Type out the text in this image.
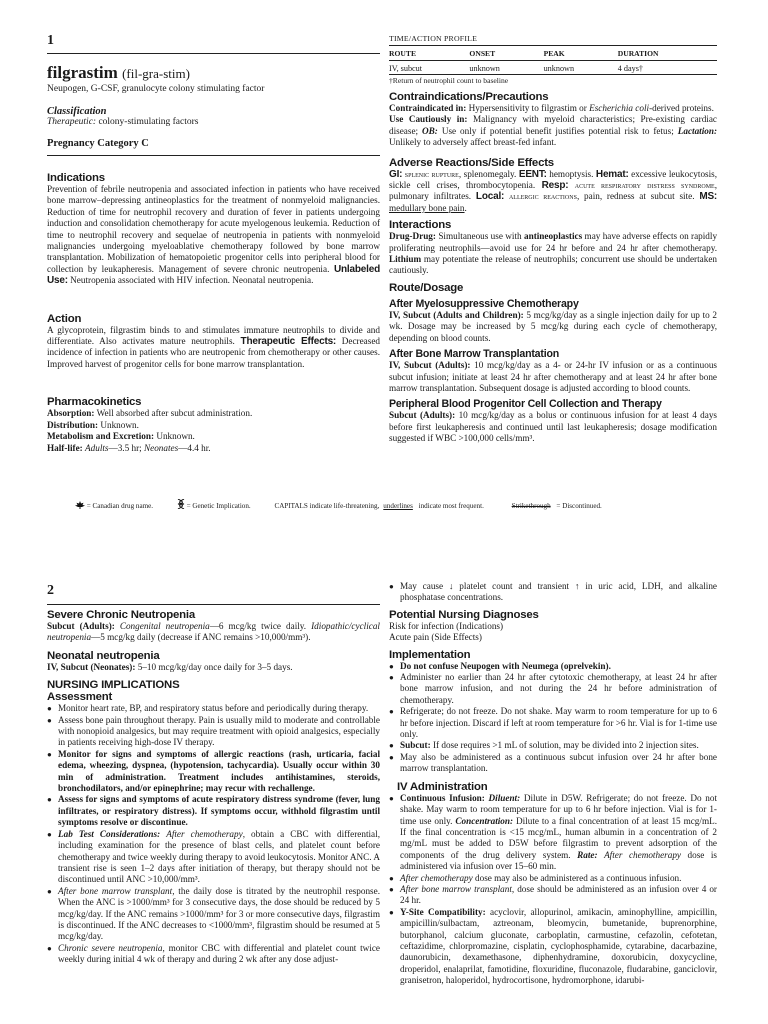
1
filgrastim (fil-gra-stim)
Neupogen, G-CSF, granulocyte colony stimulating factor
Classification
Therapeutic: colony-stimulating factors
Pregnancy Category C
Indications

Prevention of febrile neutropenia and associated infection in patients who have received bone marrow–depressing antineoplastics for the treatment of nonmyeloid malignancies. Reduction of time for neutrophil recovery and duration of fever in patients undergoing induction and consolidation chemotherapy for acute myelogenous leukemia. Reduction of time to neutrophil recovery and sequelae of neutropenia in patients with nonmyeloid malignancies undergoing myeloablative chemotherapy followed by bone marrow transplantation. Mobilization of hematopoietic progenitor cells into peripheral blood for collection by leukapheresis. Management of severe chronic neutropenia. Unlabeled Use: Neutropenia associated with HIV infection. Neonatal neutropenia.

Action

A glycoprotein, filgrastim binds to and stimulates immature neutrophils to divide and differentiate. Also activates mature neutrophils. Therapeutic Effects: Decreased incidence of infection in patients who are neutropenic from chemotherapy or other causes. Improved harvest of progenitor cells for bone marrow transplantation.

Pharmacokinetics

Absorption: Well absorbed after subcut administration.

Distribution: Unknown.

Metabolism and Excretion: Unknown.

Half-life: Adults—3.5 hr; Neonates—4.4 hr.

TIME/ACTION PROFILE
ROUTE	ONSET	PEAK	DURATION
IV, subcut	unknown	unknown	4 days†
†Return of neutrophil count to baseline
Contraindications/Precautions

Contraindicated in: Hypersensitivity to filgrastim or Escherichia coli-derived proteins.

Use Cautiously in: Malignancy with myeloid characteristics; Pre-existing cardiac disease; OB: Use only if potential benefit justifies potential risk to fetus; Lactation: Unlikely to adversely affect breast-fed infant.

Adverse Reactions/Side Effects

GI: splenic rupture, splenomegaly. EENT: hemoptysis. Hemat: excessive leukocytosis, sickle cell crises, thrombocytopenia. Resp: acute respiratory distress syndrome, pulmonary infiltrates. Local: allergic reactions, pain, redness at subcut site. MS: medullary bone pain.

Interactions

Drug-Drug: Simultaneous use with antineoplastics may have adverse effects on rapidly proliferating neutrophils—avoid use for 24 hr before and 24 hr after chemotherapy. Lithium may potentiate the release of neutrophils; concurrent use should be undertaken cautiously.

Route/Dosage
After Myelosuppressive Chemotherapy

IV, Subcut (Adults and Children): 5 mcg/kg/day as a single injection daily for up to 2 wk. Dosage may be increased by 5 mcg/kg during each cycle of chemotherapy, depending on blood counts.

After Bone Marrow Transplantation

IV, Subcut (Adults): 10 mcg/kg/day as a 4- or 24-hr IV infusion or as a continuous subcut infusion; initiate at least 24 hr after chemotherapy and at least 24 hr after bone marrow transplantation. Subsequent dosage is adjusted according to blood counts.

Peripheral Blood Progenitor Cell Collection and Therapy

Subcut (Adults): 10 mcg/kg/day as a bolus or continuous infusion for at least 4 days before first leukapheresis and continued until last leukapheresis; dosage modification suggested if WBC >100,000 cells/mm³.

= Canadian drug name.	= Genetic Implication.	CAPITALS indicate life-threatening, underlines indicate most frequent.	Strikethrough = Discontinued.
2
Severe Chronic Neutropenia

Subcut (Adults): Congenital neutropenia—6 mcg/kg twice daily. Idiopathic/cyclical neutropenia—5 mcg/kg daily (decrease if ANC remains >10,000/mm³).

Neonatal neutropenia

IV, Subcut (Neonates): 5–10 mcg/kg/day once daily for 3–5 days.

NURSING IMPLICATIONS
Assessment

● Monitor heart rate, BP, and respiratory status before and periodically during therapy.

● Assess bone pain throughout therapy. Pain is usually mild to moderate and controllable with nonopioid analgesics, but may require treatment with opioid analgesics, especially in patients receiving high-dose IV therapy.

● Monitor for signs and symptoms of allergic reactions (rash, urticaria, facial edema, wheezing, dyspnea, (hypotension, tachycardia). Usually occur within 30 min of administration. Treatment includes antihistamines, steroids, bronchodilators, and/or epinephrine; may recur with rechallenge.

● Assess for signs and symptoms of acute respiratory distress syndrome (fever, lung infiltrates, or respiratory distress). If symptoms occur, withhold filgrastim until symptoms resolve or discontinue.

● Lab Test Considerations: After chemotherapy, obtain a CBC with differential, including examination for the presence of blast cells, and platelet count before chemotherapy and twice weekly during therapy to avoid leukocytosis. Monitor ANC. A transient rise is seen 1–2 days after initiation of therapy, but therapy should not be discontinued until ANC >10,000/mm³.

● After bone marrow transplant, the daily dose is titrated by the neutrophil response. When the ANC is >1000/mm³ for 3 consecutive days, the dose should be reduced by 5 mcg/kg/day. If the ANC remains >1000/mm³ for 3 or more consecutive days, filgrastim is discontinued. If the ANC decreases to <1000/mm³, filgrastim should be resumed at 5 mcg/kg/day.

● Chronic severe neutropenia, monitor CBC with differential and platelet count twice weekly during initial 4 wk of therapy and during 2 wk after any dose adjust-

● May cause ↓ platelet count and transient ↑ in uric acid, LDH, and alkaline phosphatase concentrations.

Potential Nursing Diagnoses

Risk for infection (Indications)

Acute pain (Side Effects)

Implementation

● Do not confuse Neupogen with Neumega (oprelvekin).

● Administer no earlier than 24 hr after cytotoxic chemotherapy, at least 24 hr after bone marrow infusion, and not during the 24 hr before administration of chemotherapy.

● Refrigerate; do not freeze. Do not shake. May warm to room temperature for up to 6 hr before injection. Discard if left at room temperature for >6 hr. Vial is for 1-time use only.

● Subcut: If dose requires >1 mL of solution, may be divided into 2 injection sites.

● May also be administered as a continuous subcut infusion over 24 hr after bone marrow transplantation.

IV Administration

● Continuous Infusion: Diluent: Dilute in D5W. Refrigerate; do not freeze. Do not shake. May warm to room temperature for up to 6 hr before injection. Vial is for 1-time use only. Concentration: Dilute to a final concentration of at least 15 mcg/mL. If the final concentration is <15 mcg/mL, human albumin in a concentration of 2 mg/mL must be added to D5W before filgrastim to prevent adsorption of the components of the drug delivery system. Rate: After chemotherapy dose is administered via infusion over 15–60 min.

● After chemotherapy dose may also be administered as a continuous infusion.

● After bone marrow transplant, dose should be administered as an infusion over 4 or 24 hr.

● Y-Site Compatibility: acyclovir, allopurinol, amikacin, aminophylline, ampicillin, ampicillin/sulbactam, aztreonam, bleomycin, bumetanide, buprenorphine, butorphanol, calcium gluconate, carboplatin, carmustine, cefazolin, cefotetan, ceftazidime, chlorpromazine, cisplatin, cyclophosphamide, cytarabine, dacarbazine, daunorubicin, dexamethasone, diphenhydramine, doxorubicin, doxycycline, droperidol, enalaprilat, famotidine, floxuridine, fluconazole, fludarabine, ganciclovir, granisetron, haloperidol, hydrocortisone, hydromorphone, idarubi-
